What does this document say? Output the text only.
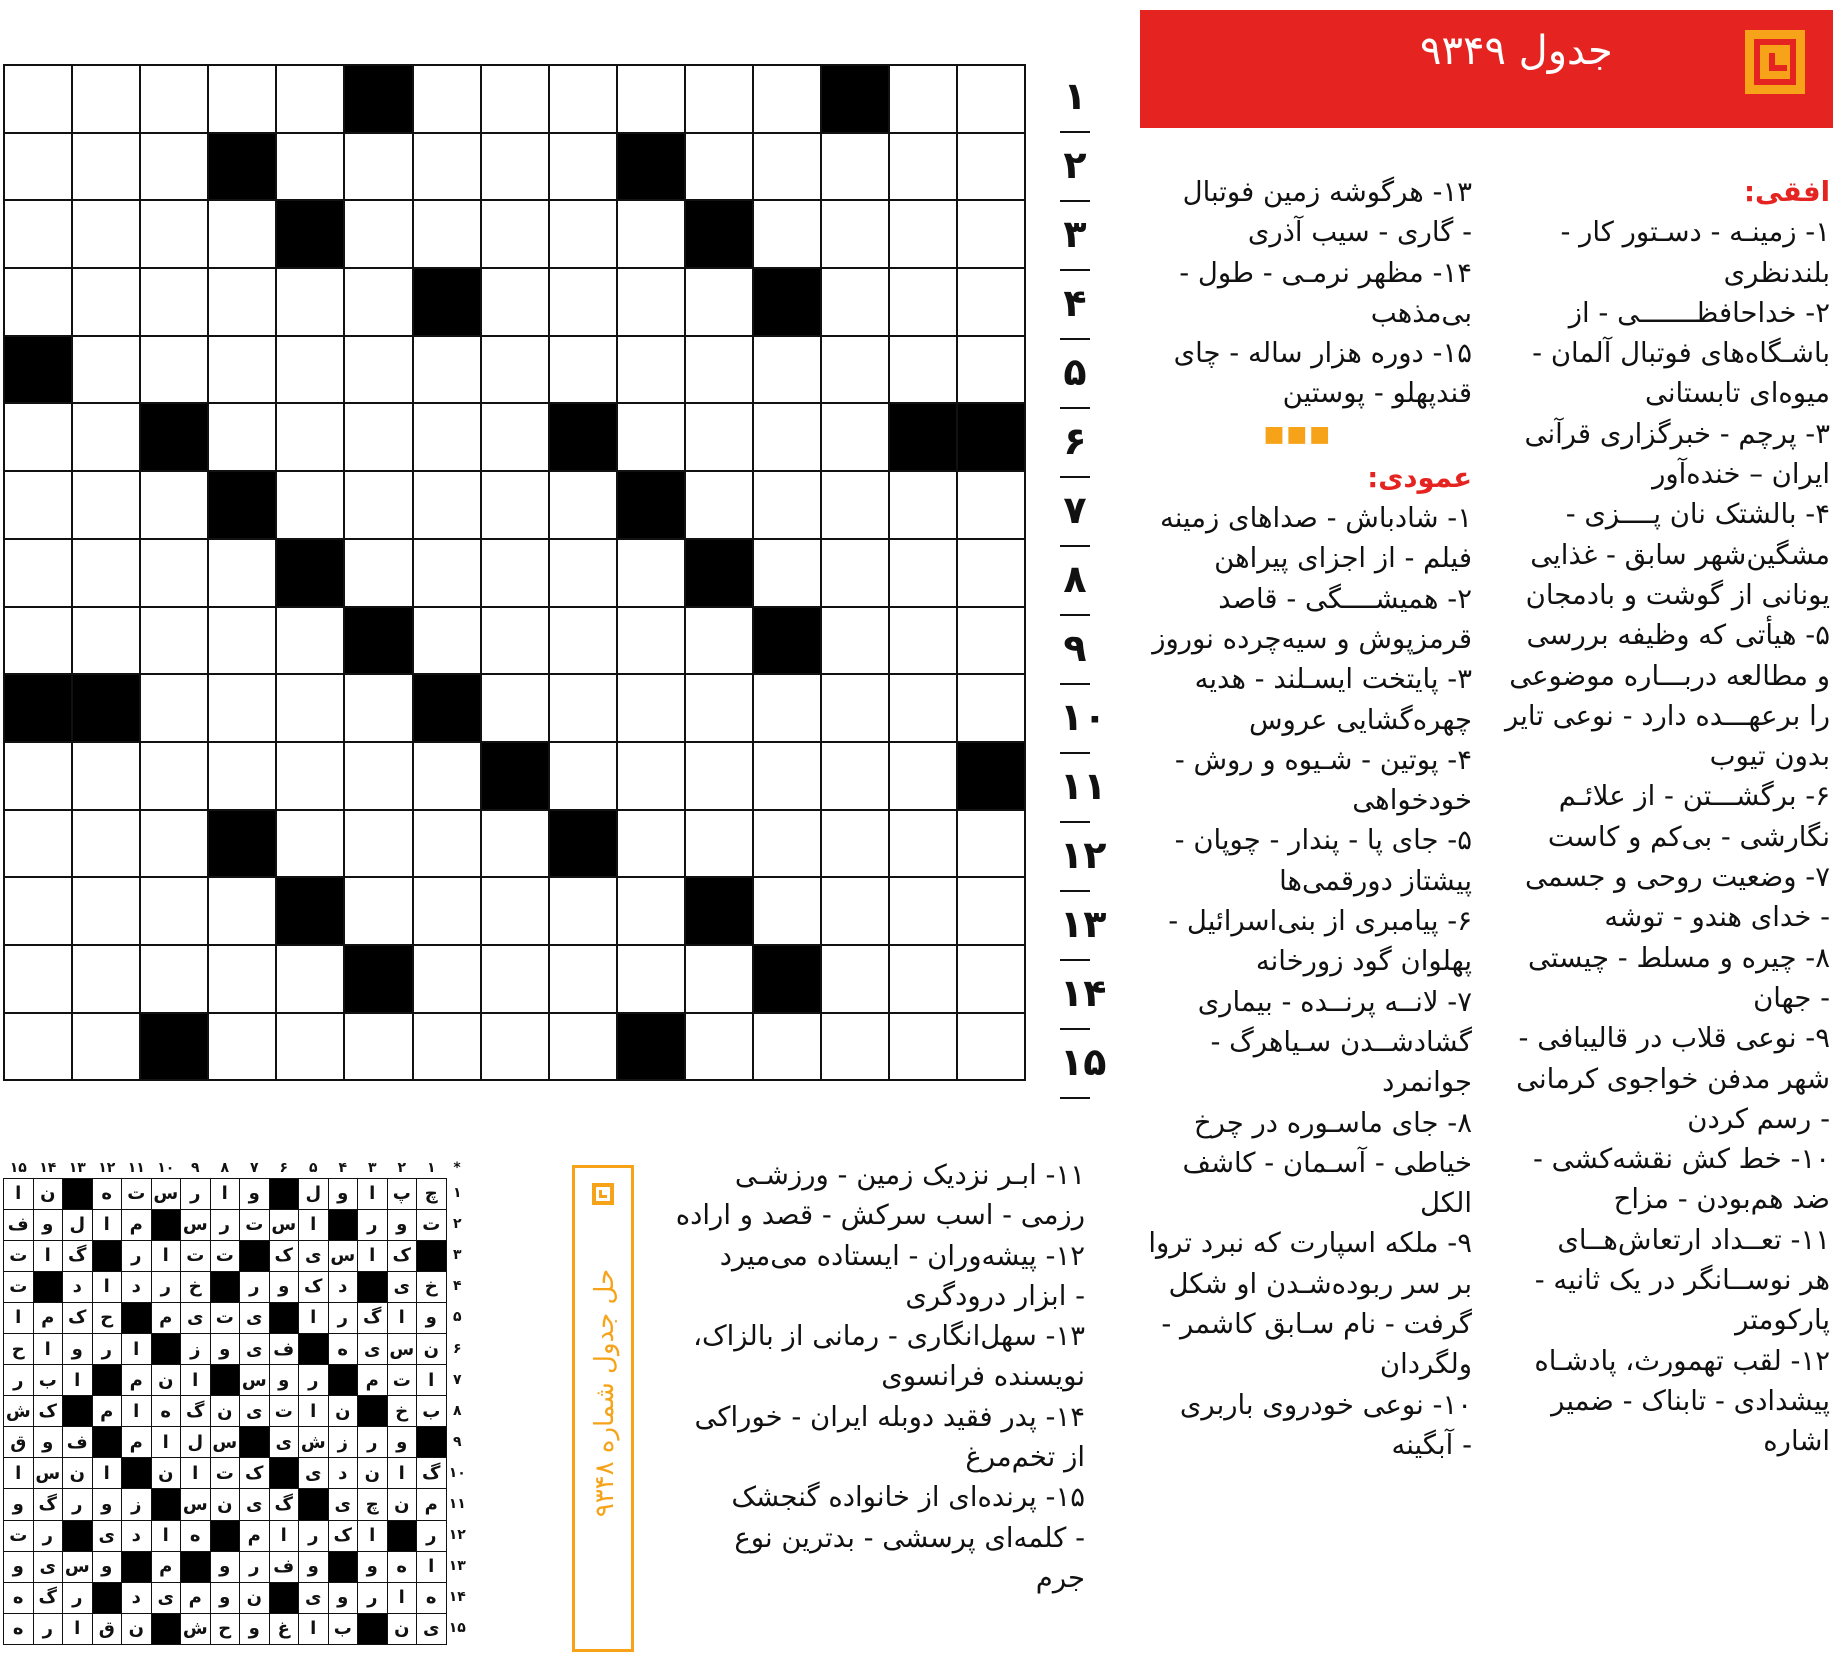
جدول ۹۳۴۹

۱
۲
۳
۴
۵
۶
۷
۸
۹
۱۰
۱۱
۱۲
۱۳
۱۴
۱۵
افقی:
۱- زمینـه - دسـتور کار -
بلندنظری
۲- خداحافظـــــــی - از
باشـگاه‌های فوتبال آلمان -
میوه‌ای تابستانی
۳- پرچم - خبرگزاری قرآنی
ایران – خنده‌آور
۴- بالشتک نان پــــزی -
مشگین‌شهر سابق - غذایی
یونانی از گوشت و بادمجان
۵- هیأتی که وظیفه بررسی
و مطالعه دربـــاره موضوعی
را برعهـــده دارد - نوعی تایر
بدون تیوب
۶- برگشـــتن - از علائـم
نگارشی - بی‌کم و کاست
۷- وضعیت روحی و جسمی
- خدای هندو - توشه
۸- چیره و مسلط - چیستی
- جهان
۹- نوعی قلاب در قالیبافی -
شهر مدفن خواجوی کرمانی
- رسم کردن
۱۰- خط‌ کش نقشه‌کشی -
ضد هم‌بودن - مزاح
۱۱- تعــداد ارتعاش‌هــای
هر نوســانگر در یک ثانیه -
پارکومتر
۱۲- لقب تهمورث، پادشـاه
پیشدادی - تابناک - ضمیر
اشاره
۱۳- هرگوشه زمین فوتبال
- گاری - سیب آذری
۱۴- مظهر نرمـی - طول -
بی‌مذهب
۱۵- دوره هزار ساله - چای
قندپهلو - پوستین
■■■
عمودی:
۱- شادباش - صداهای زمینه
فیلم - از اجزای پیراهن
۲- همیشــــگی - قاصد
قرمزپوش و سیه‌چرده نوروز
۳- پایتخت ایسـلند - هدیه
چهره‌گشایی عروس
۴- پوتین - شـیوه و روش -
خودخواهی
۵- جای پا - پندار - چوپان -
پیشتاز دورقمی‌ها
۶- پیامبری از بنی‌اسرائیل -
پهلوان گود زورخانه
۷- لانــه پرنــده - بیماری
گشادشــدن سـیاهرگ -
جوانمرد
۸- جای ماسـوره در چرخ
خیاطی - آسـمان - کاشف
الکل
۹- ملکه اسپارت که نبرد تروا
بر سر ربوده‌شـدن او شکل
گرفت - نام سـابق کاشمر -
ولگردان
۱۰- نوعی خودروی باربری
- آبگینه
۱۱- ابـر نزدیک زمین - ورزشـی
رزمی - اسب سرکش - قصد و اراده
۱۲- پیشه‌وران - ایستاده می‌میرد
- ابزار درودگری
۱۳- سهل‌انگاری - رمانی از بالزاک،
نویسنده فرانسوی
۱۴- پدر فقید دوبله ایران - خوراکی
از تخم‌مرغ
۱۵- پرنده‌ای از خانواده گنجشک
- کلمه‌ای پرسشی - بدترین نوع
جرم
حل جدول شماره ۹۳۴۸
*	۱	۲	۳	۴	۵	۶	۷	۸	۹	۱۰	۱۱	۱۲	۱۳	۱۴	۱۵
۱	چ	پ	ا	و	ل		و	ا	ر	س	ت	ه		ن	ا
۲	ت	و	ر		ا	س	ت	ر	س		م	ا	ل	و	ف
۳		ک	ا	س	ی	ک		ت	ت	ا	ر		گ	ا	ت
۴	خ	ی		د	ک	و	ر		خ	ر	د	ا	د		ت
۵	و	ا	گ	ر	ا		ی	ت	ی	م		ح	ک	م	ا
۶	ن	س	ی	ه		ف	ی	و	ز		ا	ر	و	ا	ح
۷	ا	ت	م		ر	و	س		ا	ن	م		ا	ب	ر
۸	ب	خ		ن	ا	ت	ی	ن	گ	ه	ا	م		ک	ش
۹		و	ر	ز	ش	ی		س	ل	ا	م		ف	و	ق
۱۰	گ	ا	ن	د	ی		ک	ت	ا	ن		ا	ن	س	ا
۱۱	م	ن	چ	ی		گ	ی	ن	س		ز	و	ر	گ	و
۱۲	ر		ا	ک	ر	ا	م		ه	ا	د	ی		ر	ت
۱۳	ا	ه	و		و	ف	ر	و		م		و	س	ی	و
۱۴	ه	ا	ر	و	ی		ن	و	م	ی	د		ر	گ	ه
۱۵	ی	ن		ب	ا	غ	و	ح	ش		ن	ق	ا	ر	ه
